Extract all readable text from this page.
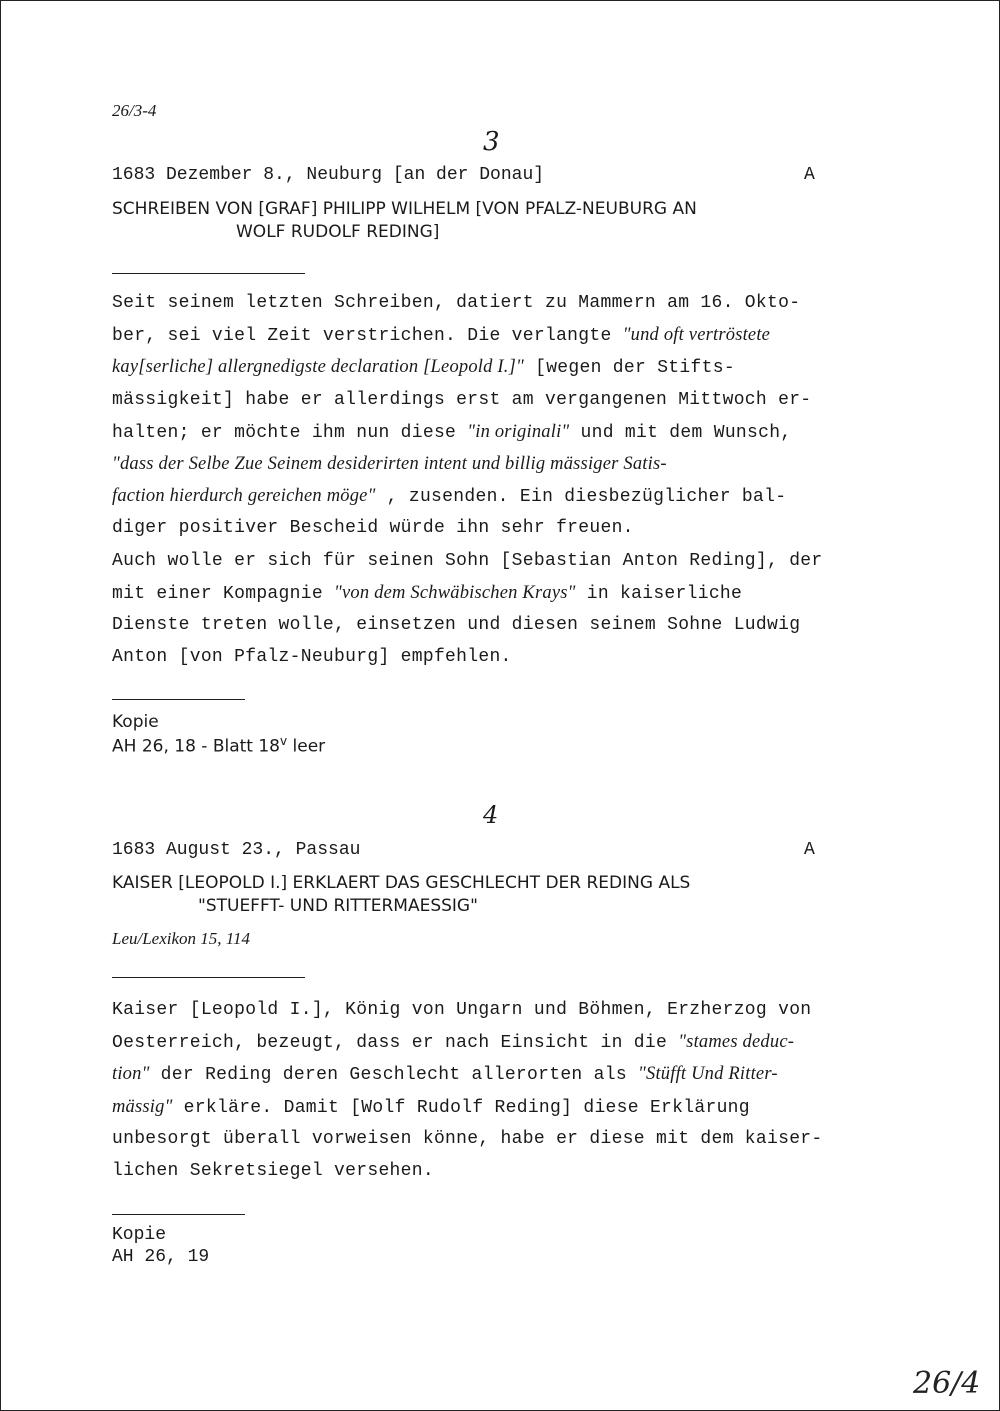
26/3-4
3
1683 Dezember 8., Neuburg [an der Donau]	A
SCHREIBEN VON [GRAF] PHILIPP WILHELM [VON PFALZ-NEUBURG AN
WOLF RUDOLF REDING]
Seit seinem letzten Schreiben, datiert zu Mammern am 16. Okto-
ber, sei viel Zeit verstrichen. Die verlangte "und oft vertröstete
kay[serliche] allergnedigste declaration [Leopold I.]" [wegen der Stifts-
mässigkeit] habe er allerdings erst am vergangenen Mittwoch er-
halten; er möchte ihm nun diese "in originali" und mit dem Wunsch,
"dass der Selbe Zue Seinem desiderirten intent und billig mässiger Satis-
faction hierdurch gereichen möge" , zusenden. Ein diesbezüglicher bal-
diger positiver Bescheid würde ihn sehr freuen.
Auch wolle er sich für seinen Sohn [Sebastian Anton Reding], der
mit einer Kompagnie "von dem Schwäbischen Krays" in kaiserliche
Dienste treten wolle, einsetzen und diesen seinem Sohne Ludwig
Anton [von Pfalz-Neuburg] empfehlen.
Kopie
AH 26, 18 - Blatt 18$^v$ leer
4
1683 August 23., Passau	A
KAISER [LEOPOLD I.] ERKLAERT DAS GESCHLECHT DER REDING ALS
"STUEFFT- UND RITTERMAESSIG"
Leu/Lexikon 15, 114
Kaiser [Leopold I.], König von Ungarn und Böhmen, Erzherzog von
Oesterreich, bezeugt, dass er nach Einsicht in die "stames deduc-
tion" der Reding deren Geschlecht allerorten als "Stüfft Und Ritter-
mässig" erkläre. Damit [Wolf Rudolf Reding] diese Erklärung
unbesorgt überall vorweisen könne, habe er diese mit dem kaiser-
lichen Sekretsiegel versehen.
Kopie
AH 26, 19
26/4
